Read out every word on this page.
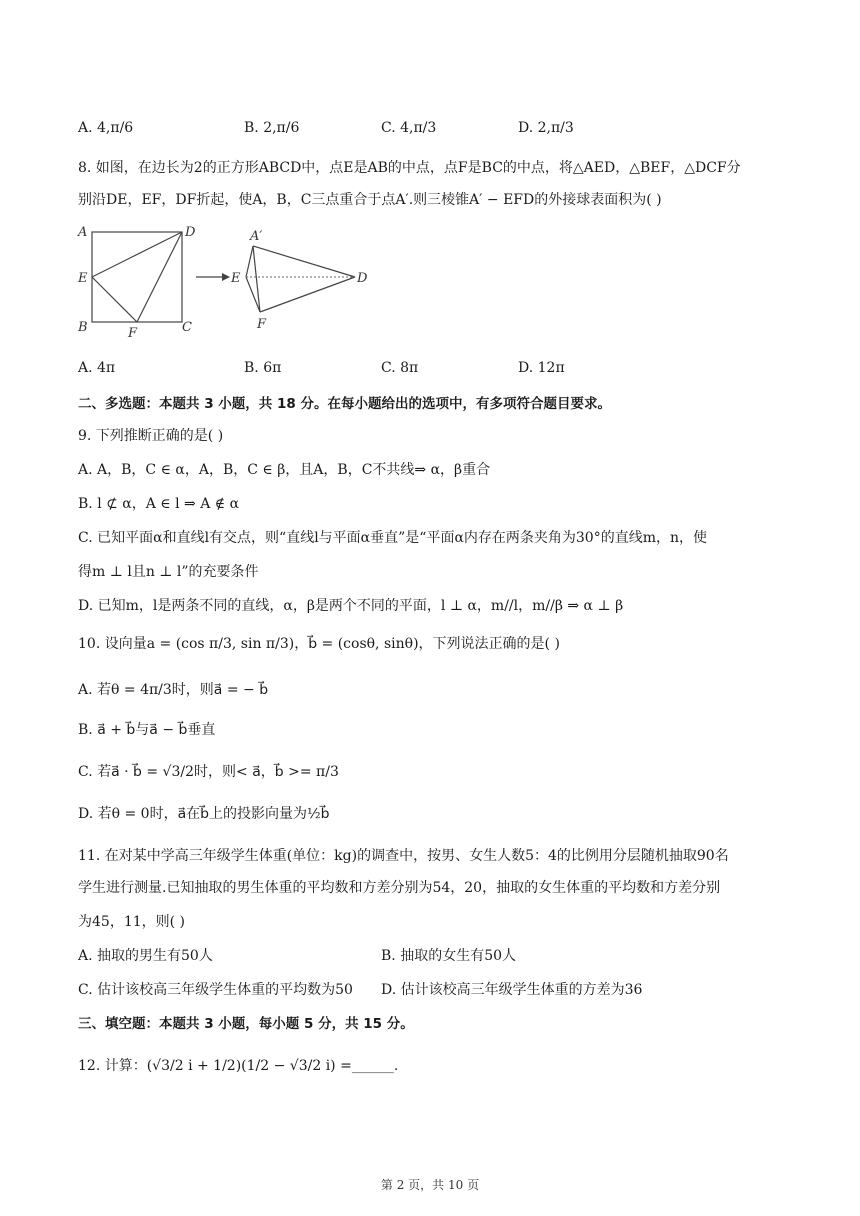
A. 4,π/6	B. 2,π/6	C. 4,π/3	D. 2,π/3
8. 如图，在边长为2的正方形ABCD中，点E是AB的中点，点F是BC的中点，将△AED，△BEF，△DCF分
别沿DE，EF，DF折起，使A，B，C三点重合于点A′.则三棱锥A′ − EFD的外接球表面积为( )
A	D
E
B	F	C
A′
E	D
F
A. 4π	B. 6π	C. 8π	D. 12π
二、多选题：本题共 3 小题，共 18 分。在每小题给出的选项中，有多项符合题目要求。
9. 下列推断正确的是( )
A. A，B，C ∈ α，A，B，C ∈ β，且A，B，C不共线⇒ α，β重合
B. l ⊄ α，A ∈ l ⇒ A ∉ α
C. 已知平面α和直线l有交点，则“直线l与平面α垂直”是“平面α内存在两条夹角为30°的直线m，n，使
得m ⊥ l且n ⊥ l”的充要条件
D. 已知m，l是两条不同的直线，α，β是两个不同的平面，l ⊥ α，m//l，m//β ⇒ α ⊥ β
10. 设向量a = (cos π/3, sin π/3)，b⃗ = (cosθ, sinθ)，下列说法正确的是( )
A. 若θ = 4π/3时，则a⃗ = − b⃗
B. a⃗ + b⃗与a⃗ − b⃗垂直
C. 若a⃗ · b⃗ = √3/2时，则< a⃗，b⃗ >= π/3
D. 若θ = 0时，a⃗在b⃗上的投影向量为½b⃗
11. 在对某中学高三年级学生体重(单位：kg)的调查中，按男、女生人数5：4的比例用分层随机抽取90名
学生进行测量.已知抽取的男生体重的平均数和方差分别为54，20，抽取的女生体重的平均数和方差分别
为45，11，则( )
A. 抽取的男生有50人	B. 抽取的女生有50人
C. 估计该校高三年级学生体重的平均数为50 D. 估计该校高三年级学生体重的方差为36
三、填空题：本题共 3 小题，每小题 5 分，共 15 分。
12. 计算：(√3/2 i + 1/2)(1/2 − √3/2 i) =______.
第 2 页，共 10 页
